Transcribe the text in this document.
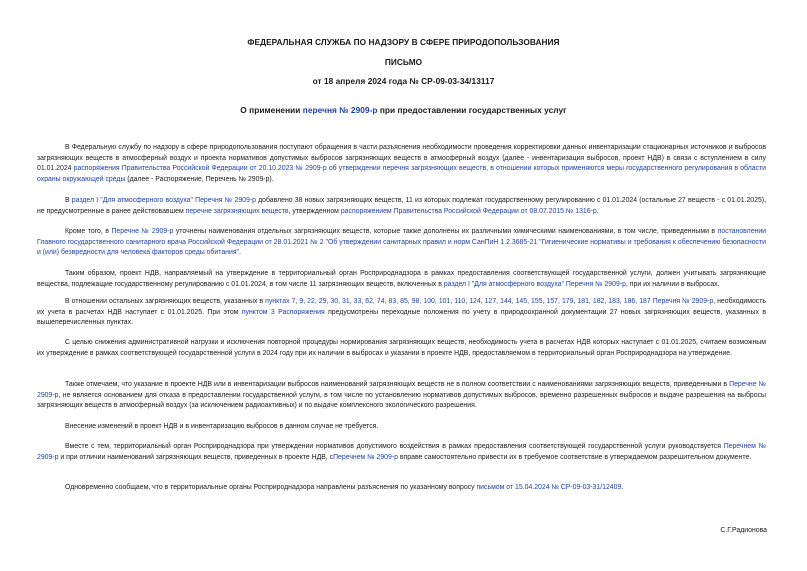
ФЕДЕРАЛЬНАЯ СЛУЖБА ПО НАДЗОРУ В СФЕРЕ ПРИРОДОПОЛЬЗОВАНИЯ
ПИСЬМО
от 18 апреля 2024 года № СР-09-03-34/13117
О применении перечня № 2909-р при предоставлении государственных услуг
В Федеральную службу по надзору в сфере природопользования поступают обращения в части разъяснения необходимости проведения корректировки данных инвентаризации стационарных источников и выбросов загрязняющих веществ в атмосферный воздух и проекта нормативов допустимых выбросов загрязняющих веществ в атмосферный воздух (далее - инвентаризация выбросов, проект НДВ) в связи с вступлением в силу 01.01.2024 распоряжения Правительства Российской Федерации от 20.10.2023 № 2909-р об утверждении перечня загрязняющих веществ, в отношении которых применяются меры государственного регулирования в области охраны окружающей среды (далее - Распоряжение, Перечень № 2909-р).
В раздел I "Для атмосферного воздуха" Перечня № 2909-р добавлено 38 новых загрязняющих веществ, 11 из которых подлежат государственному регулированию с 01.01.2024 (остальные 27 веществ - с 01.01.2025), не предусмотренные в ранее действовавшем перечне загрязняющих веществ, утвержденном распоряжением Правительства Российской Федерации от 08.07.2015 № 1316-р.
Кроме того, в Перечне № 2909-р уточнены наименования отдельных загрязняющих веществ, которые также дополнены их различными химическими наименованиями, в том числе, приведенными в постановлении Главного государственного санитарного врача Российской Федерации от 28.01.2021 № 2 "Об утверждении санитарных правил и норм СанПиН 1.2.3685-21 "Гигиенические нормативы и требования к обеспечению безопасности и (или) безвредности для человека факторов среды обитания".
Таким образом, проект НДВ, направляемый на утверждение в территориальный орган Росприроднадзора в рамках предоставления соответствующей государственной услуги, должен учитывать загрязняющие вещества, подлежащие государственному регулированию с 01.01.2024, в том числе 11 загрязняющих веществ, включенных в раздел I "Для атмосферного воздуха" Перечня № 2909-р, при их наличии в выбросах.
В отношении остальных загрязняющих веществ, указанных в пунктах 7, 9, 22, 29, 30, 31, 33, 62, 74, 83, 85, 98, 100, 101, 110, 124, 127, 144, 145, 155, 157, 179, 181, 182, 183, 186, 187 Перечня № 2909-р, необходимость их учета в расчетах НДВ наступает с 01.01.2025. При этом пунктом 3 Распоряжения предусмотрены переходные положения по учету в природоохранной документации 27 новых загрязняющих веществ, указанных в вышеперечисленных пунктах.
С целью снижения административной нагрузки и исключения повторной процедуры нормирования загрязняющих веществ, необходимость учета в расчетах НДВ которых наступает с 01.01.2025, считаем возможным их утверждение в рамках соответствующей государственной услуги в 2024 году при их наличии в выбросах и указании в проекте НДВ, предоставляемом в территориальный орган Росприроднадзора на утверждение.
Также отмечаем, что указание в проекте НДВ или в инвентаризации выбросов наименований загрязняющих веществ не в полном соответствии с наименованиями загрязняющих веществ, приведенными в Перечне № 2909-р, не является основанием для отказа в предоставлении государственной услуги, в том числе по установлению нормативов допустимых выбросов, временно разрешенных выбросов и выдаче разрешения на выбросы загрязняющих веществ в атмосферный воздух (за исключением радиоактивных) и по выдаче комплексного экологического разрешения.
Внесение изменений в проект НДВ и в инвентаризацию выбросов в данном случае не требуется.
Вместе с тем, территориальный орган Росприроднадзора при утверждении нормативов допустимого воздействия в рамках предоставления соответствующей государственной услуги руководствуется Перечнем № 2909-р и при отличии наименований загрязняющих веществ, приведенных в проекте НДВ, сПеречнем № 2909-р вправе самостоятельно привести их в требуемое соответствие в утверждаемом разрешительном документе.
Одновременно сообщаем, что в территориальные органы Росприроднадзора направлены разъяснения по указанному вопросу письмом от 15.04.2024 № СР-09-03-31/12409.
С.Г.Радионова
